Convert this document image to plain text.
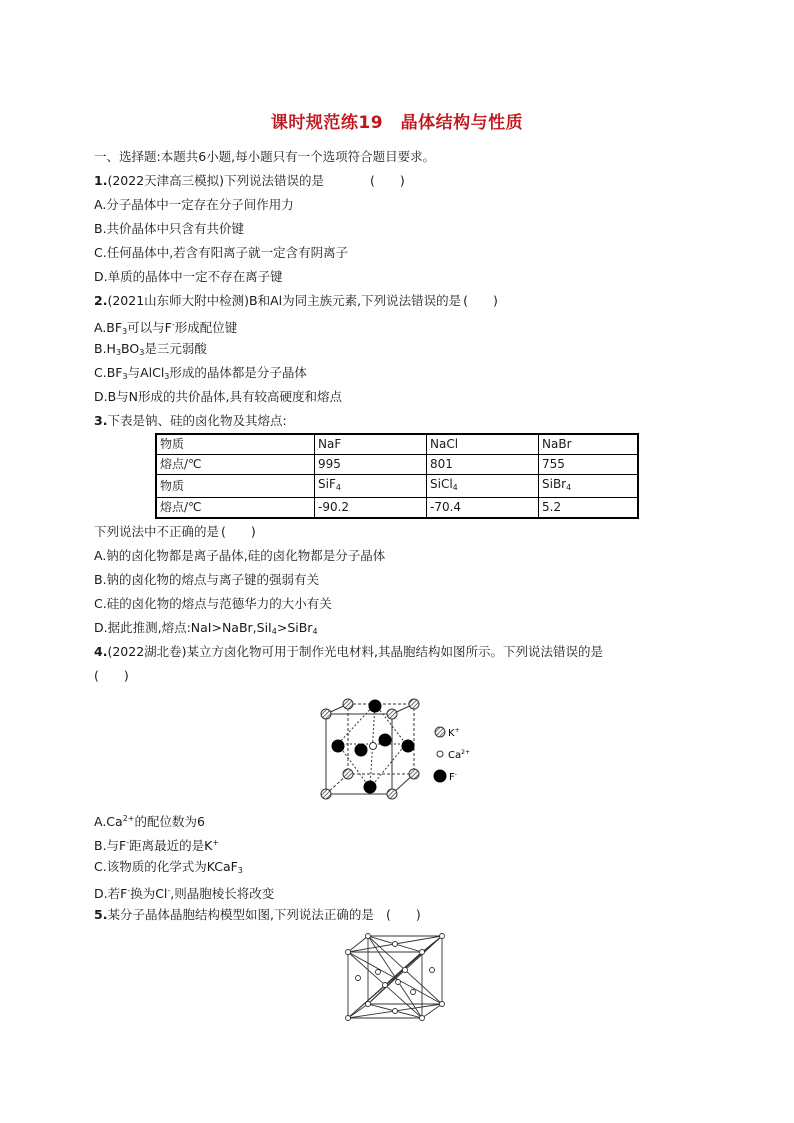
课时规范练19　晶体结构与性质
一、选择题:本题共6小题,每小题只有一个选项符合题目要求。
1.(2022天津高三模拟)下列说法错误的是	(　　)
A.分子晶体中一定存在分子间作用力
B.共价晶体中只含有共价键
C.任何晶体中,若含有阳离子就一定含有阴离子
D.单质的晶体中一定不存在离子键
2.(2021山东师大附中检测)B和Al为同主族元素,下列说法错误的是 (　　)
$A.BF_3$可以与F-形成配位键
$B.H_3BO_3$是三元弱酸
$C.BF_3$与AlCl$_3$形成的晶体都是分子晶体
D.B与N形成的共价晶体,具有较高硬度和熔点
3.下表是钠、硅的卤化物及其熔点:
物质	NaF	NaCl	NaBr
熔点/℃	995	801	755
物质	SiF$_4$	SiCl$_4$	SiBr$_4$
熔点/℃	-90.2	-70.4	5.2
下列说法中不正确的是 (　　)
A.钠的卤化物都是离子晶体,硅的卤化物都是分子晶体
B.钠的卤化物的熔点与离子键的强弱有关
C.硅的卤化物的熔点与范德华力的大小有关
D.据此推测,熔点:NaI>NaBr,SiI$_4$>SiBr$_4$
4.(2022湖北卷)某立方卤化物可用于制作光电材料,其晶胞结构如图所示。下列说法错误的是
(　　)
K+
$Ca^{2+}$
F-
$A.Ca^{2+}$的配位数为6
B.与F-距离最近的是K+
C.该物质的化学式为KCaF$_3$
D.若F-换为Cl-,则晶胞棱长将改变
5.某分子晶体晶胞结构模型如图,下列说法正确的是 (　　)
